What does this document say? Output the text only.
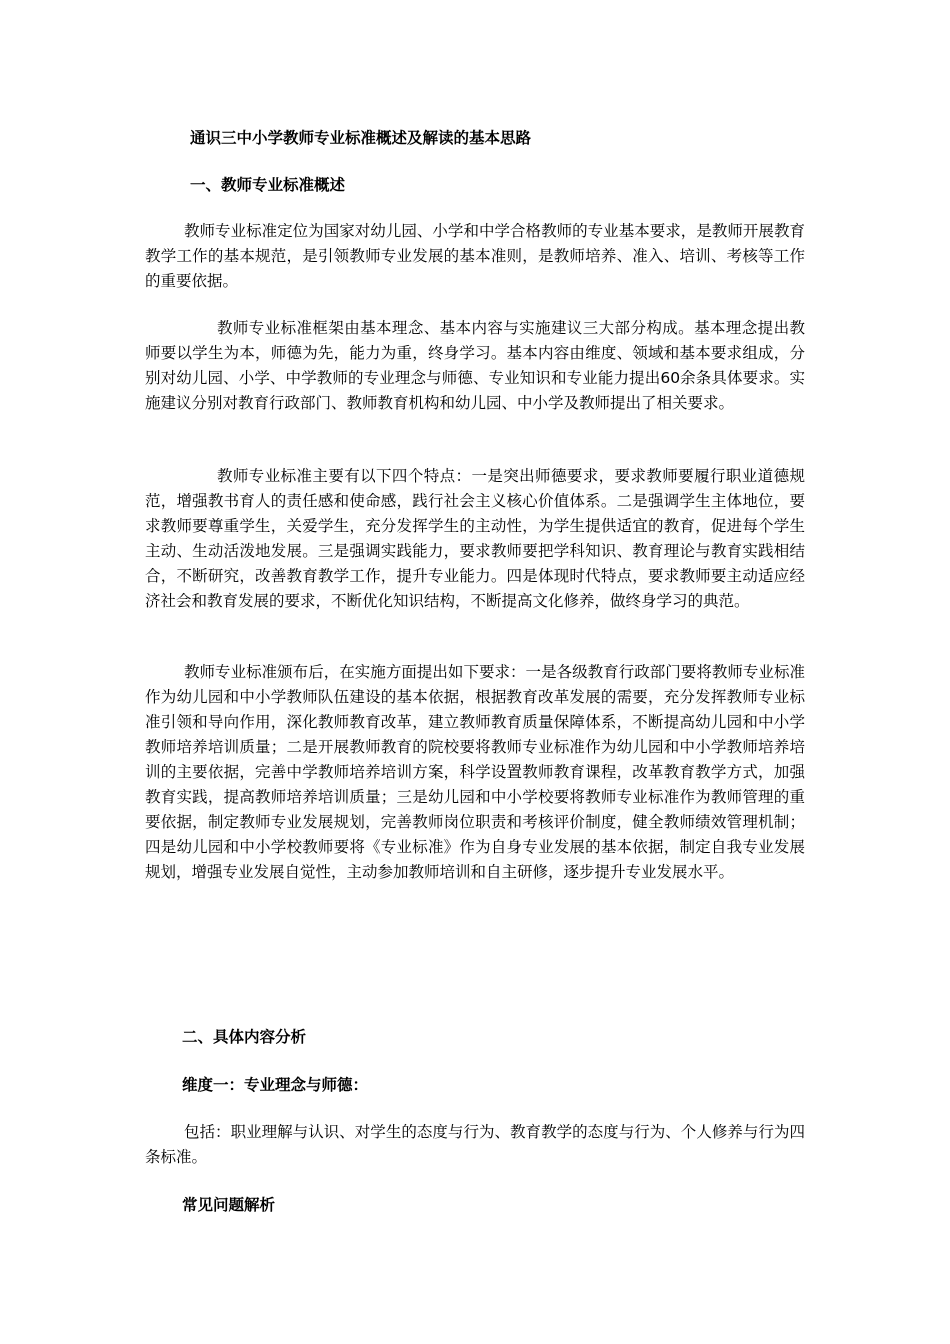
通识三中小学教师专业标准概述及解读的基本思路

一、教师专业标准概述

教师专业标准定位为国家对幼儿园、小学和中学合格教师的专业基本要求，是教师开展教育教学工作的基本规范，是引领教师专业发展的基本准则，是教师培养、准入、培训、考核等工作的重要依据。

教师专业标准框架由基本理念、基本内容与实施建议三大部分构成。基本理念提出教师要以学生为本，师德为先，能力为重，终身学习。基本内容由维度、领域和基本要求组成，分别对幼儿园、小学、中学教师的专业理念与师德、专业知识和专业能力提出60余条具体要求。实施建议分别对教育行政部门、教师教育机构和幼儿园、中小学及教师提出了相关要求。

教师专业标准主要有以下四个特点：一是突出师德要求，要求教师要履行职业道德规范，增强教书育人的责任感和使命感，践行社会主义核心价值体系。二是强调学生主体地位，要求教师要尊重学生，关爱学生，充分发挥学生的主动性，为学生提供适宜的教育，促进每个学生主动、生动活泼地发展。三是强调实践能力，要求教师要把学科知识、教育理论与教育实践相结合，不断研究，改善教育教学工作，提升专业能力。四是体现时代特点，要求教师要主动适应经济社会和教育发展的要求，不断优化知识结构，不断提高文化修养，做终身学习的典范。

教师专业标准颁布后，在实施方面提出如下要求：一是各级教育行政部门要将教师专业标准作为幼儿园和中小学教师队伍建设的基本依据，根据教育改革发展的需要，充分发挥教师专业标准引领和导向作用，深化教师教育改革，建立教师教育质量保障体系，不断提高幼儿园和中小学教师培养培训质量；二是开展教师教育的院校要将教师专业标准作为幼儿园和中小学教师培养培训的主要依据，完善中学教师培养培训方案，科学设置教师教育课程，改革教育教学方式，加强教育实践，提高教师培养培训质量；三是幼儿园和中小学校要将教师专业标准作为教师管理的重要依据，制定教师专业发展规划，完善教师岗位职责和考核评价制度，健全教师绩效管理机制；四是幼儿园和中小学校教师要将《专业标准》作为自身专业发展的基本依据，制定自我专业发展规划，增强专业发展自觉性，主动参加教师培训和自主研修，逐步提升专业发展水平。

二、具体内容分析

维度一：专业理念与师德：

包括：职业理解与认识、对学生的态度与行为、教育教学的态度与行为、个人修养与行为四条标准。

常见问题解析
